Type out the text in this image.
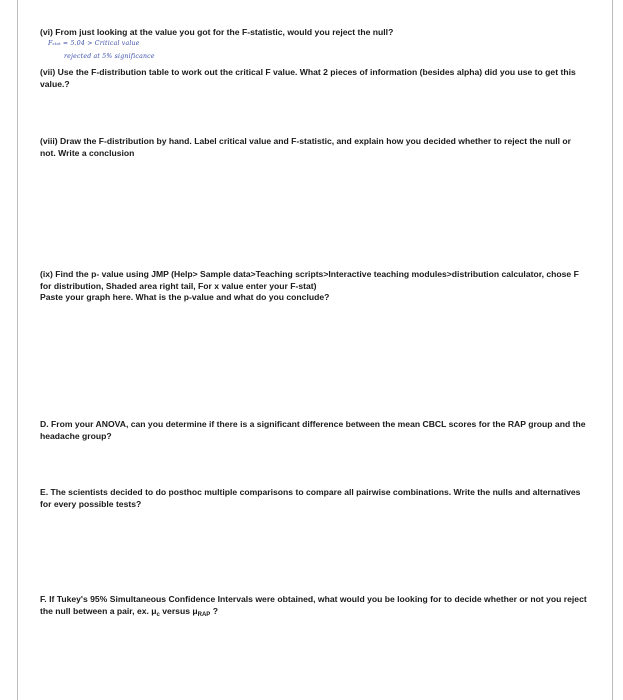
(vi) From just looking at the value you got for the F-statistic, would you reject the null?
Fₛₜₐₜ ≈ 5.04 > Critical value
rejected at 5% significance
(vii) Use the F-distribution table to work out the critical F value. What 2 pieces of information (besides alpha) did you use to get this value.?
(viii) Draw the F-distribution by hand. Label critical value and F-statistic, and explain how you decided whether to reject the null or not. Write a conclusion
(ix) Find the p- value using JMP (Help> Sample data>Teaching scripts>Interactive teaching modules>distribution calculator, chose F for distribution, Shaded area right tail, For x value enter your F-stat)
Paste your graph here. What is the p-value and what do you conclude?
D. From your ANOVA, can you determine if there is a significant difference between the mean CBCL scores for the RAP group and the headache group?
E. The scientists decided to do posthoc multiple comparisons to compare all pairwise combinations. Write the nulls and alternatives for every possible tests?
F. If Tukey's 95% Simultaneous Confidence Intervals were obtained, what would you be looking for to decide whether or not you reject the null between a pair, ex. $\mu_c$ versus $\mu_{RAP}$ ?
